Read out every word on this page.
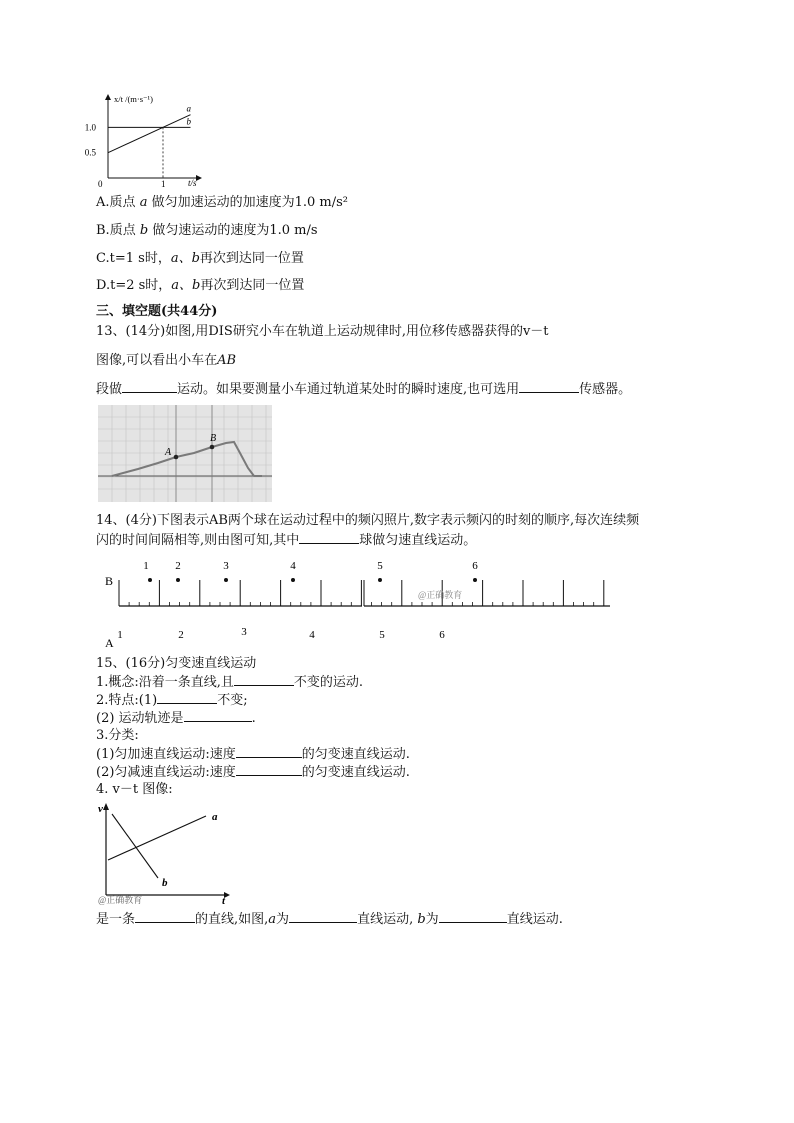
x/t /(m·s⁻¹)
t/s
a
b
0.5
1.0
0	1
A.质点 a 做匀加速运动的加速度为1.0 m/s²
B.质点 b 做匀速运动的速度为1.0 m/s
C.t=1 s时，a、b再次到达同一位置
D.t=2 s时，a、b再次到达同一位置
三、填空题(共44分)
13、(14分)如图,用DIS研究小车在轨道上运动规律时,用位移传感器获得的v－t
图像,可以看出小车在AB
段做	运动。如果要测量小车通过轨道某处时的瞬时速度,也可选用	传感器。
A
B
14、(4分)下图表示AB两个球在运动过程中的频闪照片,数字表示频闪的时刻的顺序,每次连续频
闪的时间间隔相等,则由图可知,其中	球做匀速直线运动。
B
A
1 2	3	4	5	6
1	2	3	4	5	6
@正确教育
15、(16分)匀变速直线运动
1.概念:沿着一条直线,且	不变的运动.
2.特点:(1)	不变;
(2) 运动轨迹是	.
3.分类:
(1)匀加速直线运动:速度	的匀变速直线运动.
(2)匀减速直线运动:速度	的匀变速直线运动.
4. v－t 图像:
v
t
a
b
@正确教育
是一条	的直线,如图,a为	直线运动, b为	直线运动.
